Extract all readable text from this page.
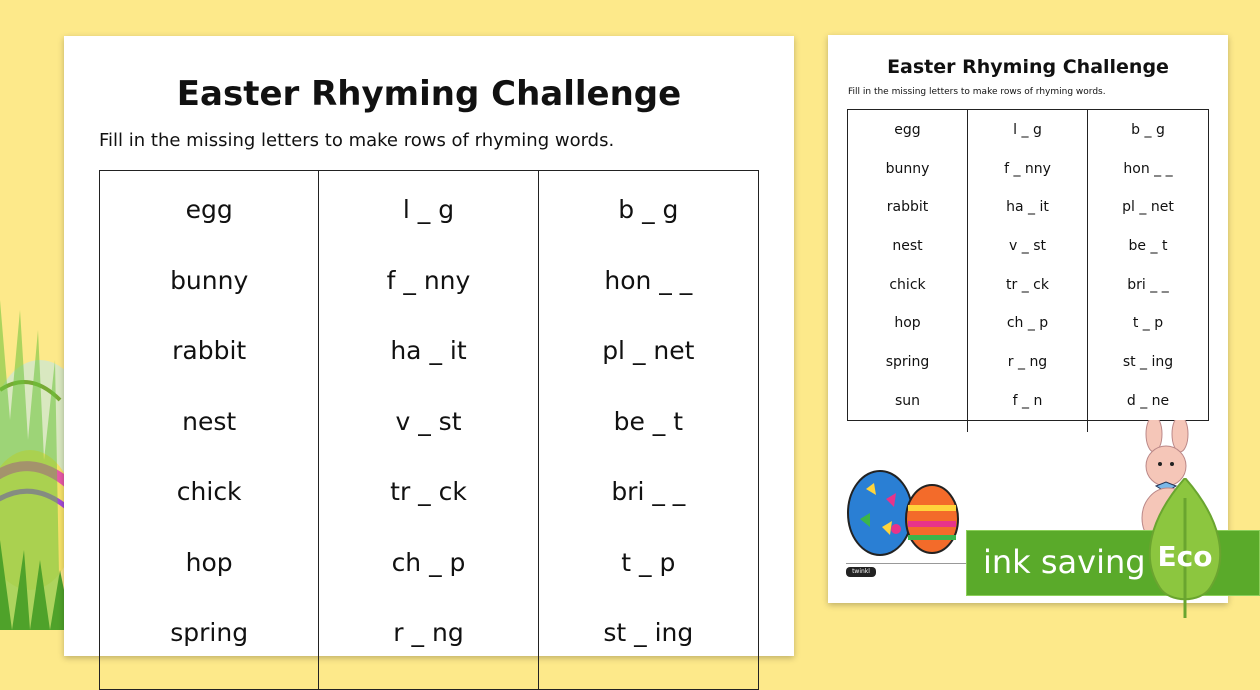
Easter Rhyming Challenge
Fill in the missing letters to make rows of rhyming words.
egg
bunny
rabbit
nest
chick
hop
spring
l _ g
f _ nny
ha _ it
v _ st
tr _ ck
ch _ p
r _ ng
b _ g
hon _ _
pl _ net
be _ t
bri _ _
t _ p
st _ ing
Easter Rhyming Challenge
Fill in the missing letters to make rows of rhyming words.
egg
bunny
rabbit
nest
chick
hop
spring
sun
l _ g
f _ nny
ha _ it
v _ st
tr _ ck
ch _ p
r _ ng
f _ n
b _ g
hon _ _
pl _ net
be _ t
bri _ _
t _ p
st _ ing
d _ ne
twinkl	ink saving Eco
